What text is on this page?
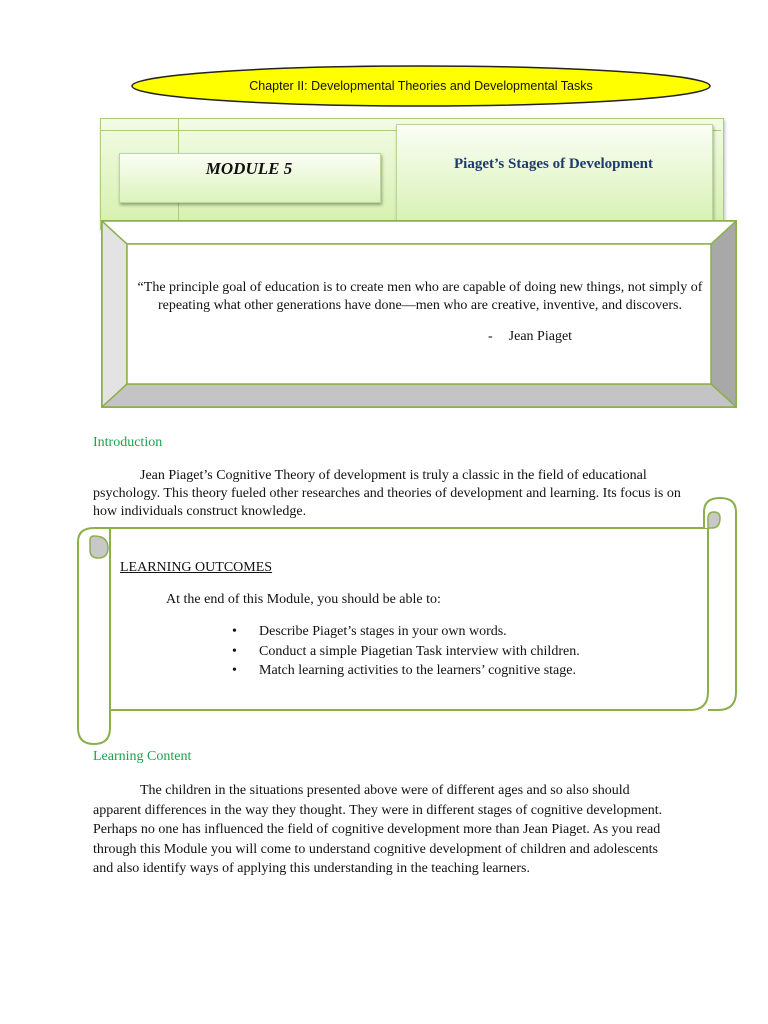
Chapter II: Developmental Theories and Developmental Tasks
MODULE 5	Piaget’s Stages of Development
“The principle goal of education is to create men who are capable of doing new things, not simply of repeating what other generations have done—men who are creative, inventive, and discovers.
- Jean Piaget
Introduction
Jean Piaget’s Cognitive Theory of development is truly a classic in the field of educational psychology. This theory fueled other researches and theories of development and learning. Its focus is on how individuals construct knowledge.
LEARNING OUTCOMES
At the end of this Module, you should be able to:
• Describe Piaget’s stages in your own words.
• Conduct a simple Piagetian Task interview with children.
• Match learning activities to the learners’ cognitive stage.
Learning Content
The children in the situations presented above were of different ages and so also should apparent differences in the way they thought. They were in different stages of cognitive development. Perhaps no one has influenced the field of cognitive development more than Jean Piaget. As you read through this Module you will come to understand cognitive development of children and adolescents and also identify ways of applying this understanding in the teaching learners.
